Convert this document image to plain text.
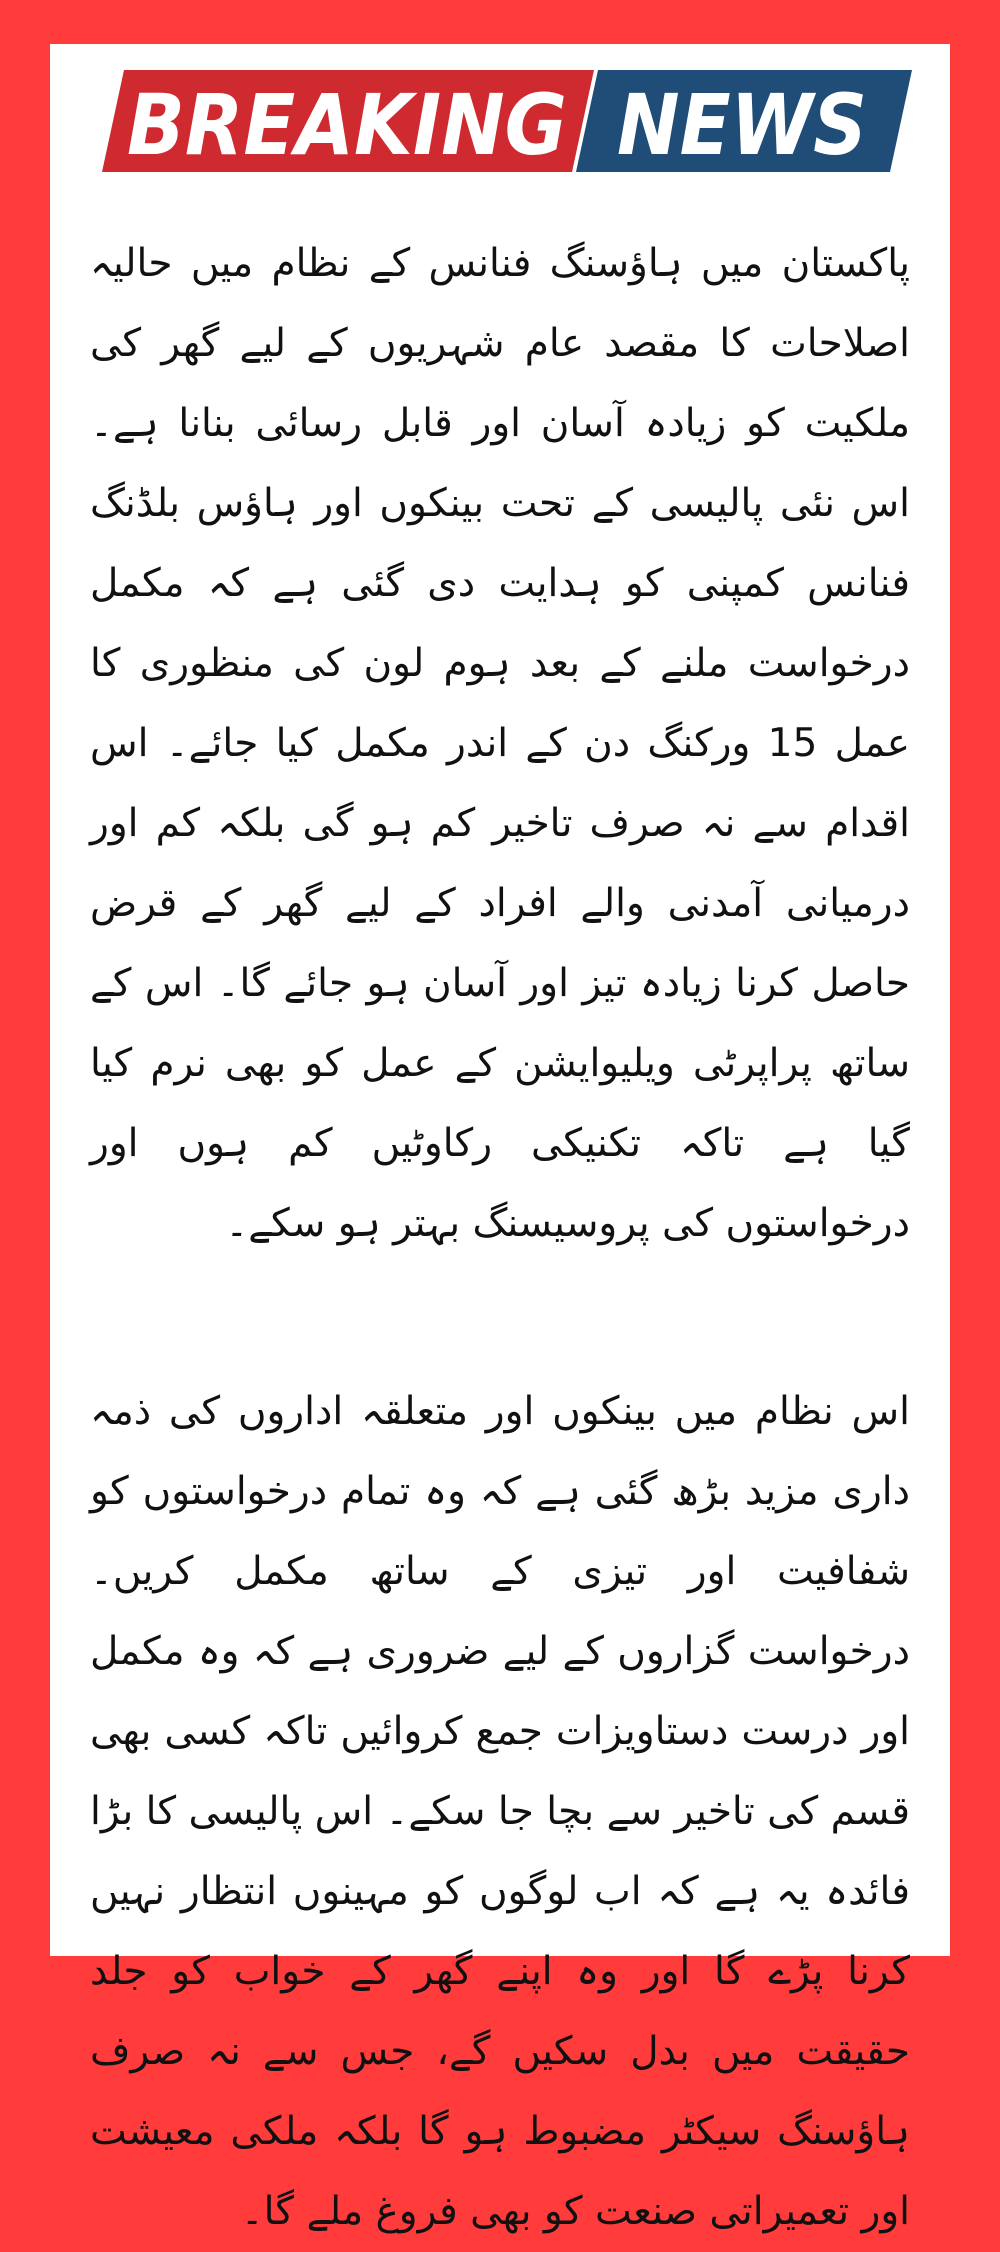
BREAKING NEWS

پاکستان میں ہاؤسنگ فنانس کے نظام میں حالیہ اصلاحات کا مقصد عام شہریوں کے لیے گھر کی ملکیت کو زیادہ آسان اور قابل رسائی بنانا ہے۔ اس نئی پالیسی کے تحت بینکوں اور ہاؤس بلڈنگ فنانس کمپنی کو ہدایت دی گئی ہے کہ مکمل درخواست ملنے کے بعد ہوم لون کی منظوری کا عمل 15 ورکنگ دن کے اندر مکمل کیا جائے۔ اس اقدام سے نہ صرف تاخیر کم ہو گی بلکہ کم اور درمیانی آمدنی والے افراد کے لیے گھر کے قرض حاصل کرنا زیادہ تیز اور آسان ہو جائے گا۔ اس کے ساتھ پراپرٹی ویلیوایشن کے عمل کو بھی نرم کیا گیا ہے تاکہ تکنیکی رکاوٹیں کم ہوں اور درخواستوں کی پروسیسنگ بہتر ہو سکے۔

اس نظام میں بینکوں اور متعلقہ اداروں کی ذمہ داری مزید بڑھ گئی ہے کہ وہ تمام درخواستوں کو شفافیت اور تیزی کے ساتھ مکمل کریں۔ درخواست گزاروں کے لیے ضروری ہے کہ وہ مکمل اور درست دستاویزات جمع کروائیں تاکہ کسی بھی قسم کی تاخیر سے بچا جا سکے۔ اس پالیسی کا بڑا فائدہ یہ ہے کہ اب لوگوں کو مہینوں انتظار نہیں کرنا پڑے گا اور وہ اپنے گھر کے خواب کو جلد حقیقت میں بدل سکیں گے، جس سے نہ صرف ہاؤسنگ سیکٹر مضبوط ہو گا بلکہ ملکی معیشت اور تعمیراتی صنعت کو بھی فروغ ملے گا۔
